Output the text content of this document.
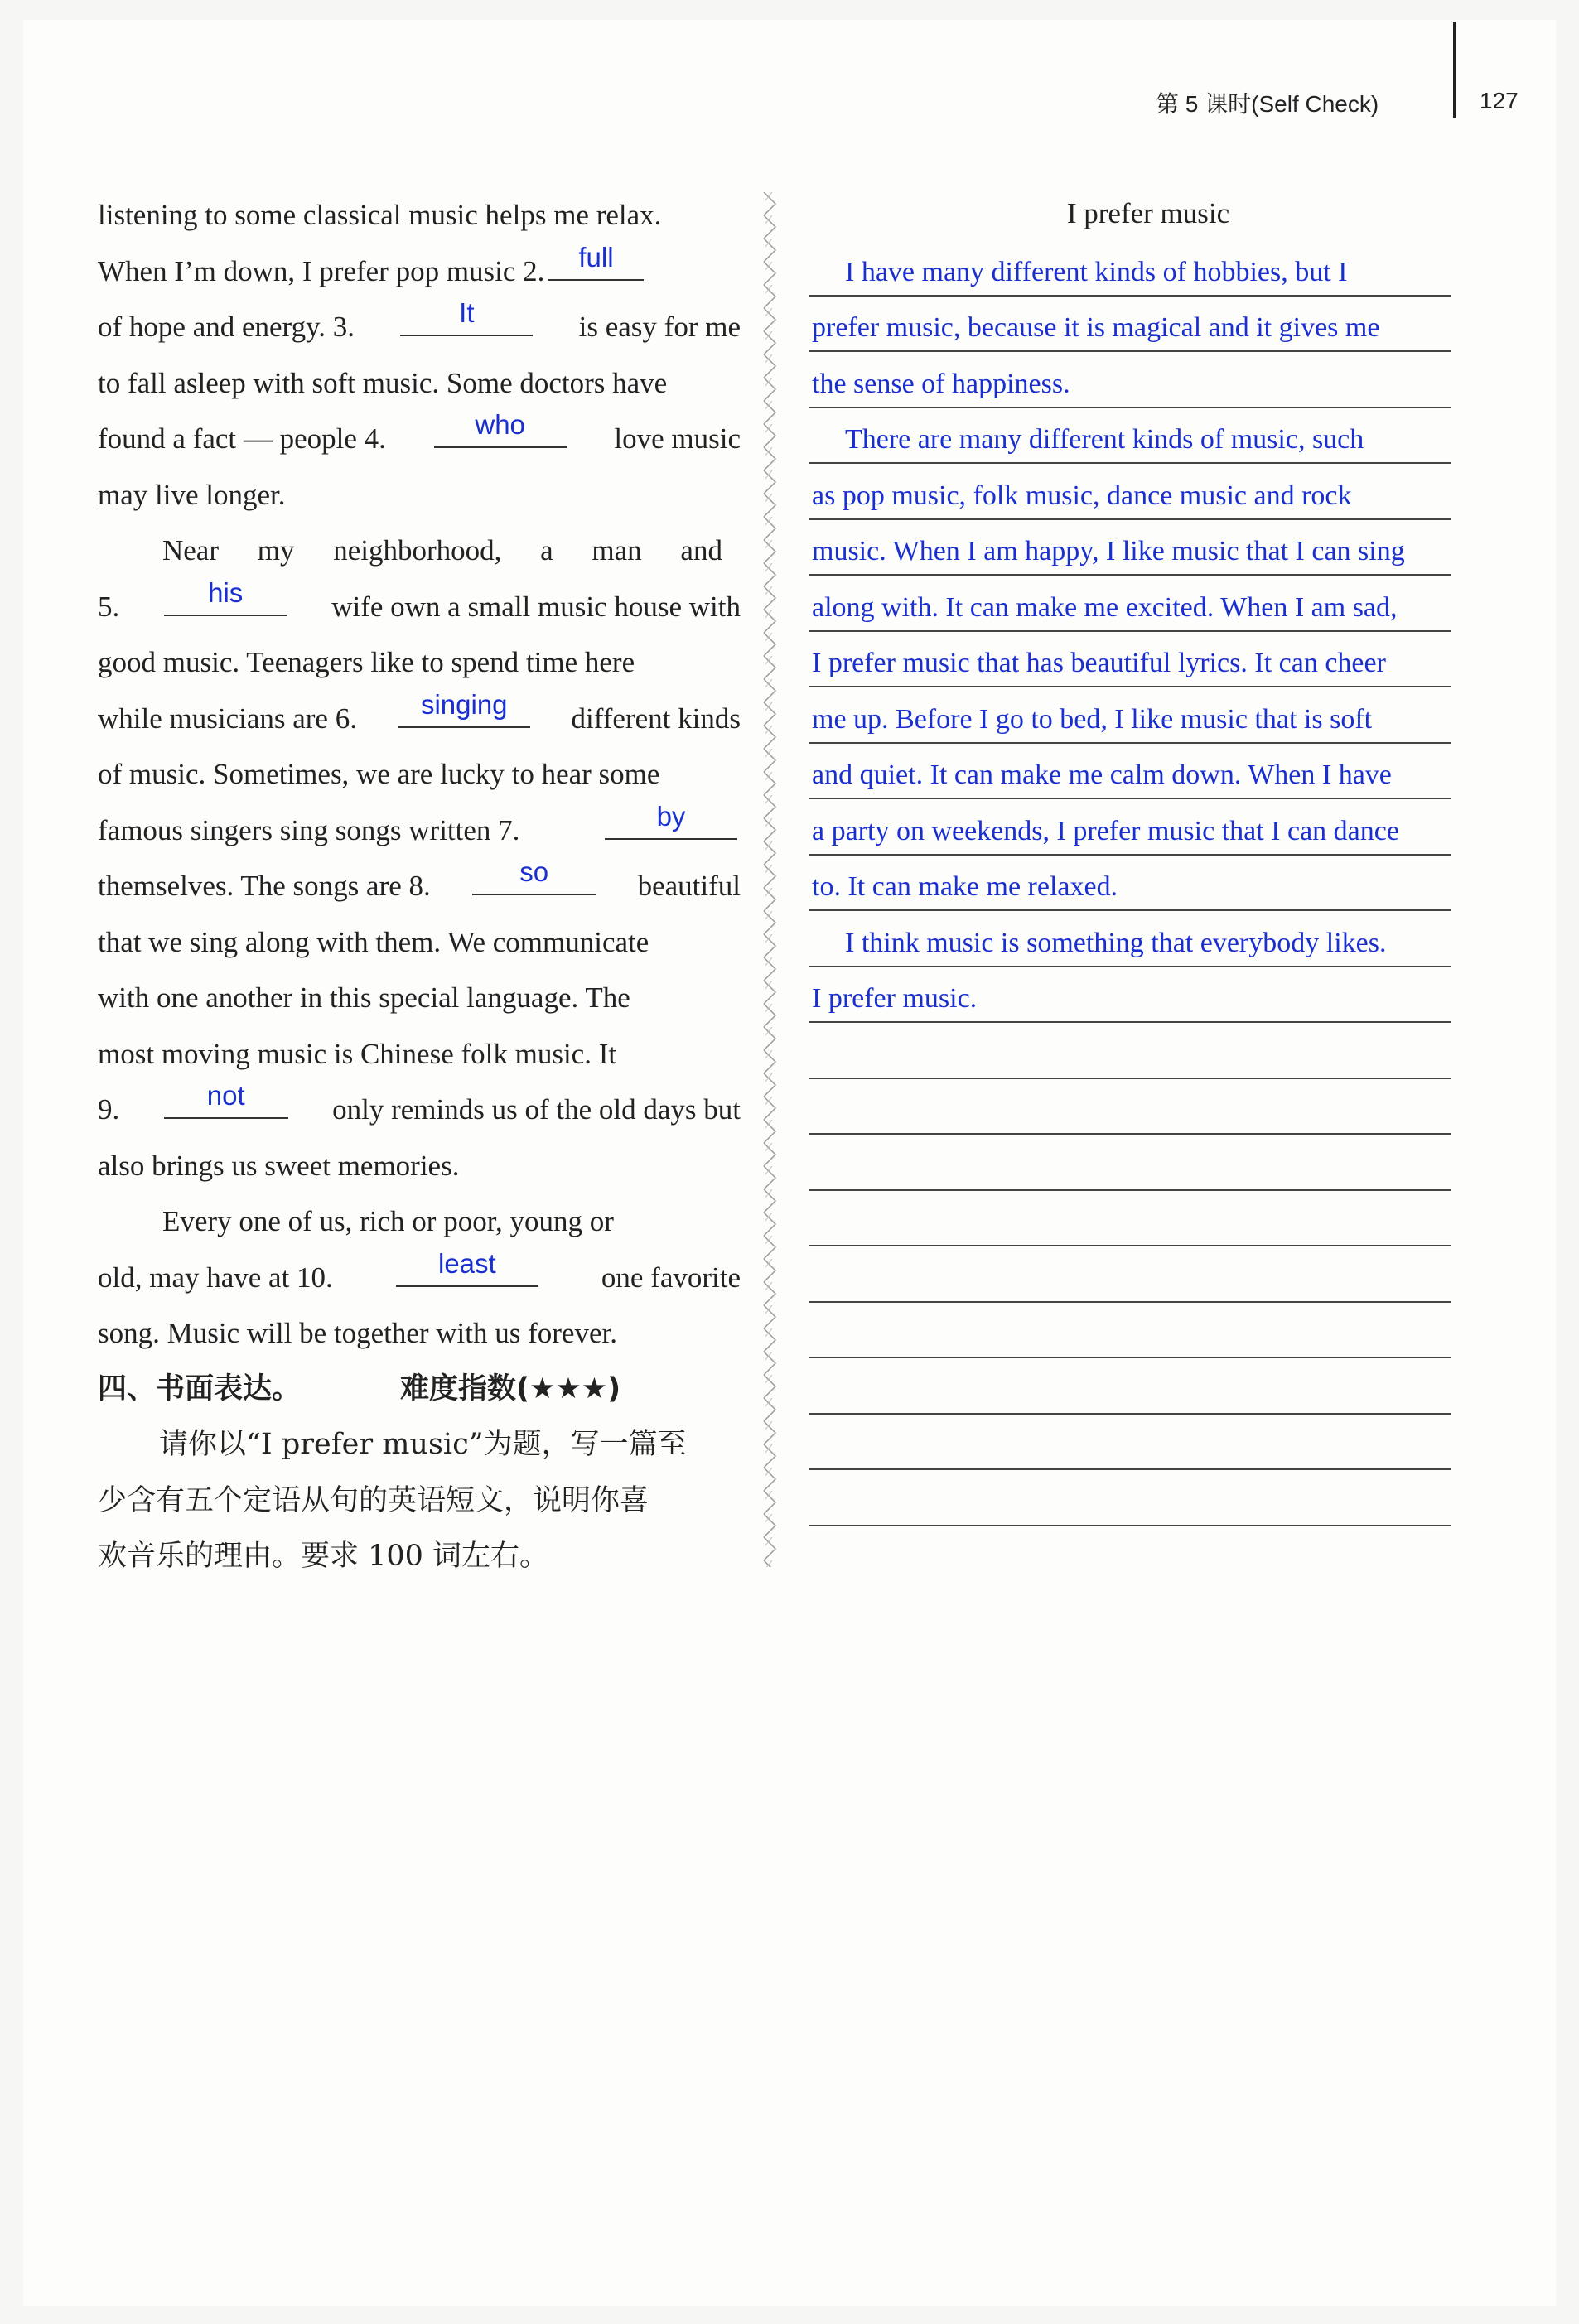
第 5 课时(Self Check)	127
listening to some classical music helps me relax.
When I’m down, I prefer pop music 2.	full
of hope and energy. 3.	It	is easy for me
to fall asleep with soft music. Some doctors have
found a fact — people 4.	who	love music
may live longer.
Near my neighborhood, a man and
5.	his	wife own a small music house with
good music. Teenagers like to spend time here
while musicians are 6.	singing	different kinds
of music. Sometimes, we are lucky to hear some
famous singers sing songs written 7.	by
themselves. The songs are 8.	so	beautiful
that we sing along with them. We communicate
with one another in this special language. The
most moving music is Chinese folk music. It
9.	not	only reminds us of the old days but
also brings us sweet memories.
Every one of us, rich or poor, young or
old, may have at 10.	least	one favorite
song. Music will be together with us forever.
四、书面表达。	难度指数(★★★)
请你以“I prefer music”为题，写一篇至
少含有五个定语从句的英语短文，说明你喜
欢音乐的理由。要求 100 词左右。
I prefer music
I have many different kinds of hobbies, but I
prefer music, because it is magical and it gives me
the sense of happiness.
There are many different kinds of music, such
as pop music, folk music, dance music and rock
music. When I am happy, I like music that I can sing
along with. It can make me excited. When I am sad,
I prefer music that has beautiful lyrics. It can cheer
me up. Before I go to bed, I like music that is soft
and quiet. It can make me calm down. When I have
a party on weekends, I prefer music that I can dance
to. It can make me relaxed.
I think music is something that everybody likes.
I prefer music.
